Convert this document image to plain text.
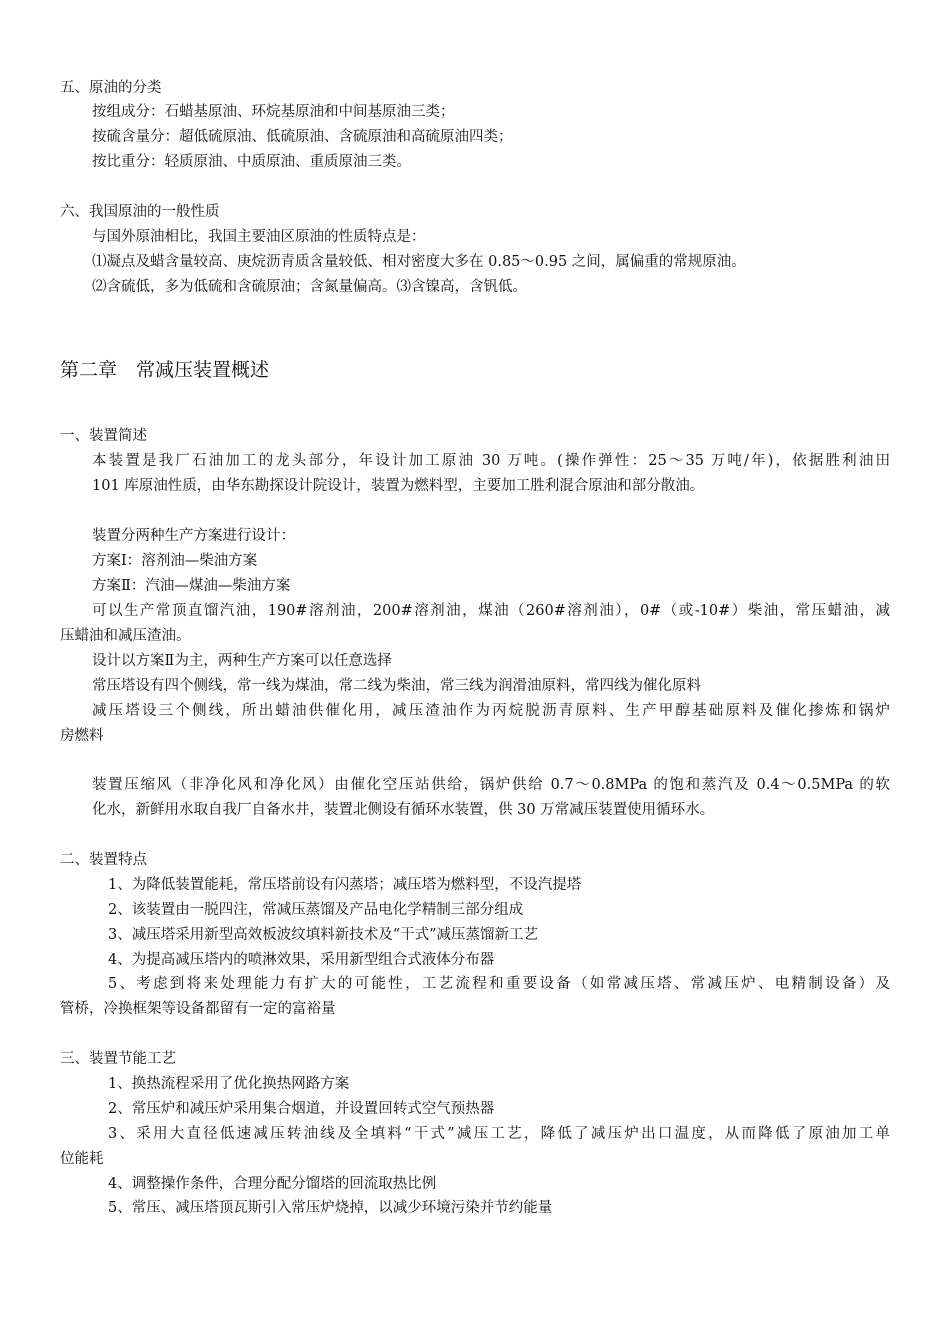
五、原油的分类
按组成分：石蜡基原油、环烷基原油和中间基原油三类；
按硫含量分：超低硫原油、低硫原油、含硫原油和高硫原油四类；
按比重分：轻质原油、中质原油、重质原油三类。
六、我国原油的一般性质
与国外原油相比，我国主要油区原油的性质特点是：
⑴凝点及蜡含量较高、庚烷沥青质含量较低、相对密度大多在 0.85～0.95 之间，属偏重的常规原油。
⑵含硫低，多为低硫和含硫原油；含氮量偏高。⑶含镍高，含钒低。
第二章　常减压装置概述
一、装置简述
本装置是我厂石油加工的龙头部分，年设计加工原油 30 万吨。(操作弹性：25～35 万吨/年)，依据胜利油田
101 库原油性质，由华东勘探设计院设计，装置为燃料型，主要加工胜利混合原油和部分散油。
装置分两种生产方案进行设计：
方案Ⅰ：溶剂油—柴油方案
方案Ⅱ：汽油—煤油—柴油方案
可以生产常顶直馏汽油，190#溶剂油，200#溶剂油，煤油（260#溶剂油），0#（或-10#）柴油，常压蜡油，减
压蜡油和减压渣油。
设计以方案Ⅱ为主，两种生产方案可以任意选择
常压塔设有四个侧线，常一线为煤油，常二线为柴油，常三线为润滑油原料，常四线为催化原料
减压塔设三个侧线，所出蜡油供催化用，减压渣油作为丙烷脱沥青原料、生产甲醇基础原料及催化掺炼和锅炉
房燃料
装置压缩风（非净化风和净化风）由催化空压站供给，锅炉供给 0.7～0.8MPa 的饱和蒸汽及 0.4～0.5MPa 的软
化水，新鲜用水取自我厂自备水井，装置北侧设有循环水装置，供 30 万常减压装置使用循环水。
二、装置特点
1、为降低装置能耗，常压塔前设有闪蒸塔；减压塔为燃料型，不设汽提塔
2、该装置由一脱四注，常减压蒸馏及产品电化学精制三部分组成
3、减压塔采用新型高效板波纹填料新技术及“干式”减压蒸馏新工艺
4、为提高减压塔内的喷淋效果，采用新型组合式液体分布器
5、考虑到将来处理能力有扩大的可能性，工艺流程和重要设备（如常减压塔、常减压炉、电精制设备）及
管桥，冷换框架等设备都留有一定的富裕量
三、装置节能工艺
1、换热流程采用了优化换热网路方案
2、常压炉和减压炉采用集合烟道，并设置回转式空气预热器
3、采用大直径低速减压转油线及全填料“干式”减压工艺，降低了减压炉出口温度，从而降低了原油加工单
位能耗
4、调整操作条件，合理分配分馏塔的回流取热比例
5、常压、减压塔顶瓦斯引入常压炉烧掉，以减少环境污染并节约能量
